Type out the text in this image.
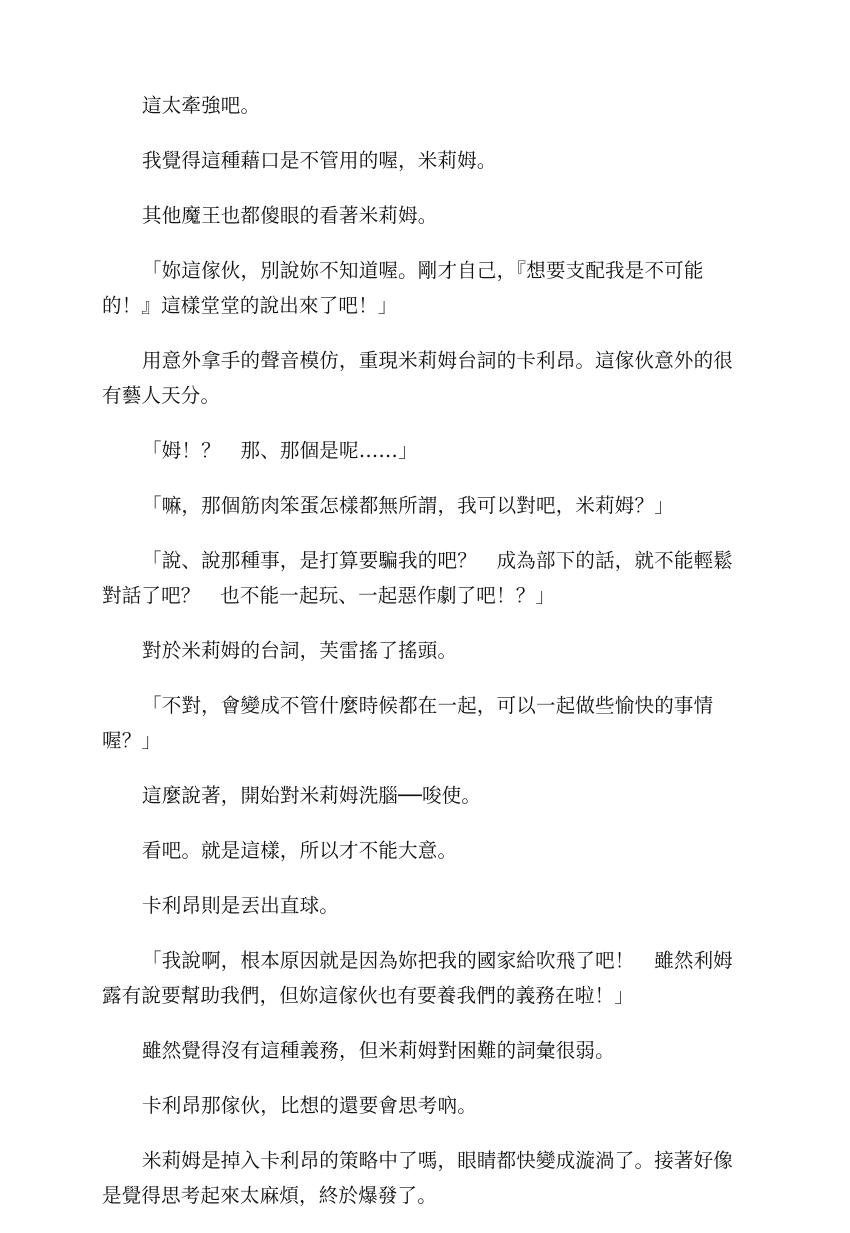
這太牽強吧。

我覺得這種藉口是不管用的喔，米莉姆。

其他魔王也都傻眼的看著米莉姆。

「妳這傢伙，別說妳不知道喔。剛才自己，『想要支配我是不可能的！』這樣堂堂的說出來了吧！」

用意外拿手的聲音模仿，重現米莉姆台詞的卡利昂。這傢伙意外的很有藝人天分。

「姆！？　那、那個是呢……」

「嘛，那個筋肉笨蛋怎樣都無所謂，我可以對吧，米莉姆？」

「說、說那種事，是打算要騙我的吧？　成為部下的話，就不能輕鬆對話了吧？　也不能一起玩、一起惡作劇了吧！？」

對於米莉姆的台詞，芙雷搖了搖頭。

「不對，會變成不管什麼時候都在一起，可以一起做些愉快的事情喔？」

這麼說著，開始對米莉姆洗腦──唆使。

看吧。就是這樣，所以才不能大意。

卡利昂則是丟出直球。

「我說啊，根本原因就是因為妳把我的國家給吹飛了吧！　雖然利姆露有說要幫助我們，但妳這傢伙也有要養我們的義務在啦！」

雖然覺得沒有這種義務，但米莉姆對困難的詞彙很弱。

卡利昂那傢伙，比想的還要會思考吶。

米莉姆是掉入卡利昂的策略中了嗎，眼睛都快變成漩渦了。接著好像是覺得思考起來太麻煩，終於爆發了。
